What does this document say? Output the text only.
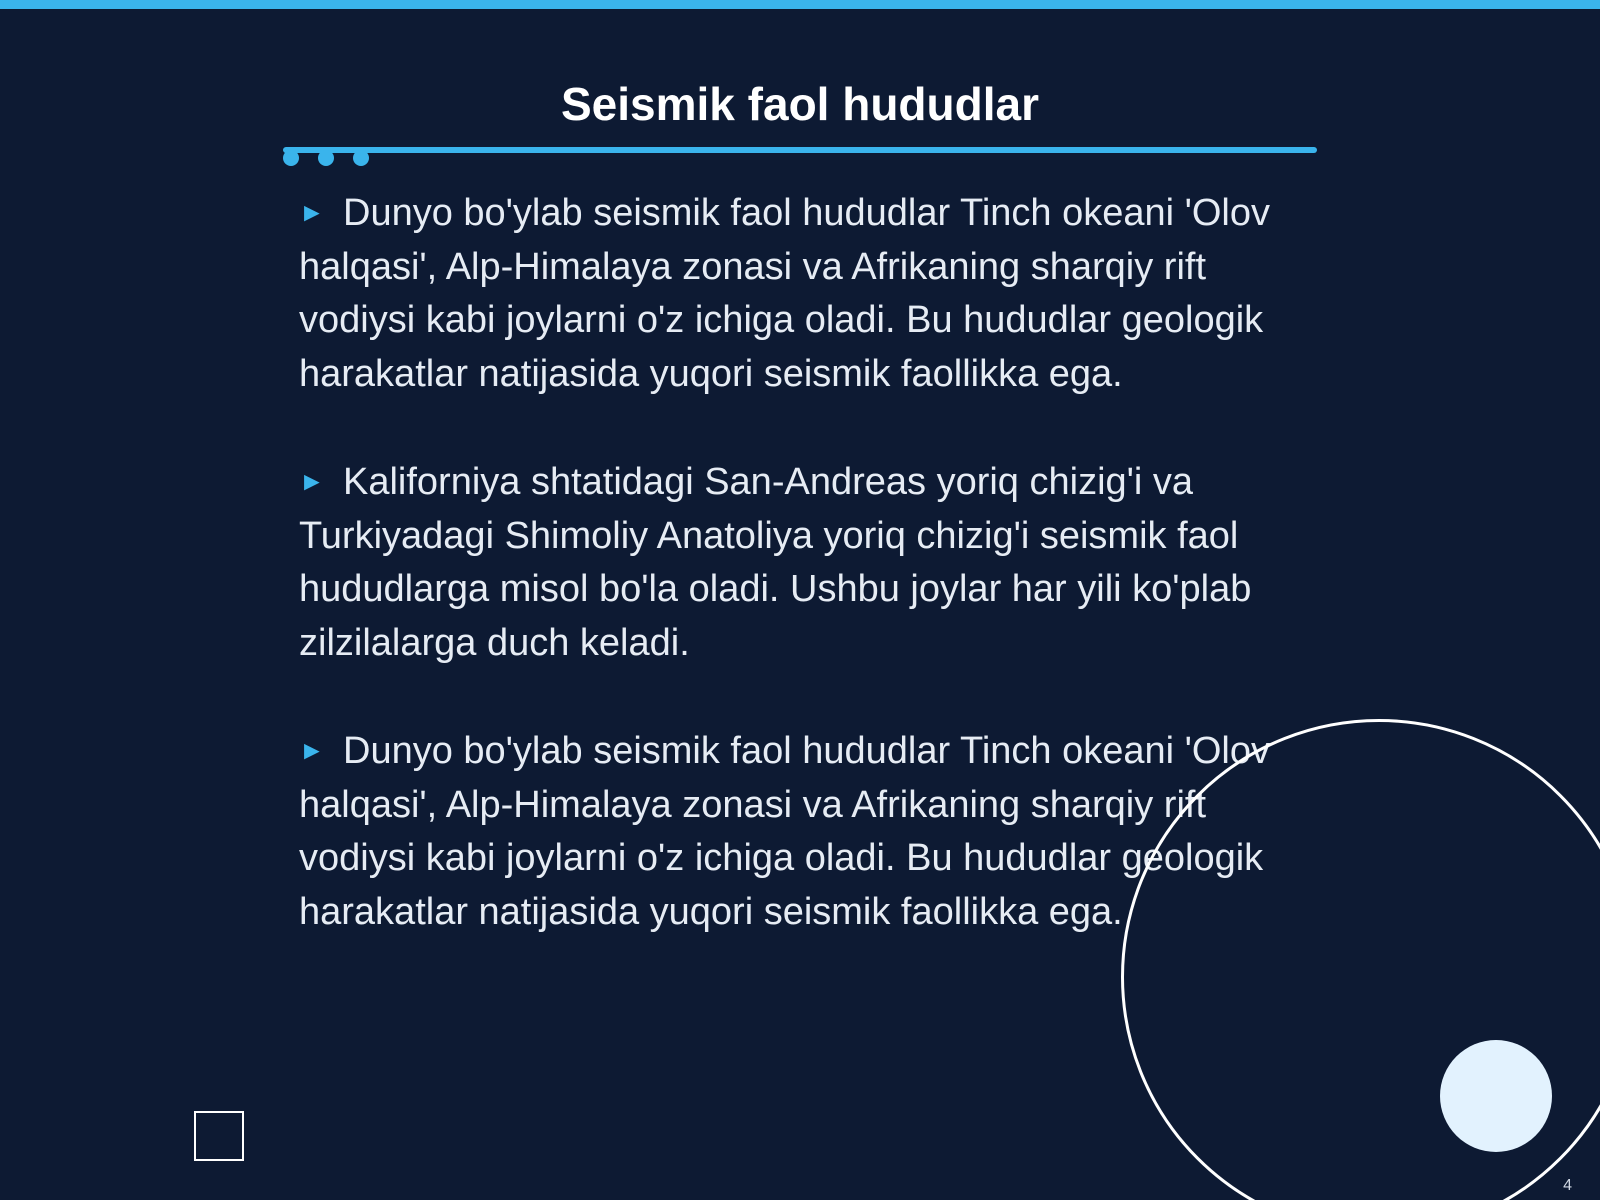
Seismik faol hududlar

► Dunyo bo'ylab seismik faol hududlar Tinch okeani 'Olov halqasi', Alp-Himalaya zonasi va Afrikaning sharqiy rift vodiysi kabi joylarni o'z ichiga oladi. Bu hududlar geologik harakatlar natijasida yuqori seismik faollikka ega.

► Kaliforniya shtatidagi San-Andreas yoriq chizig'i va Turkiyadagi Shimoliy Anatoliya yoriq chizig'i seismik faol hududlarga misol bo'la oladi. Ushbu joylar har yili ko'plab zilzilalarga duch keladi.

► Dunyo bo'ylab seismik faol hududlar Tinch okeani 'Olov halqasi', Alp-Himalaya zonasi va Afrikaning sharqiy rift vodiysi kabi joylarni o'z ichiga oladi. Bu hududlar geologik harakatlar natijasida yuqori seismik faollikka ega.

4
